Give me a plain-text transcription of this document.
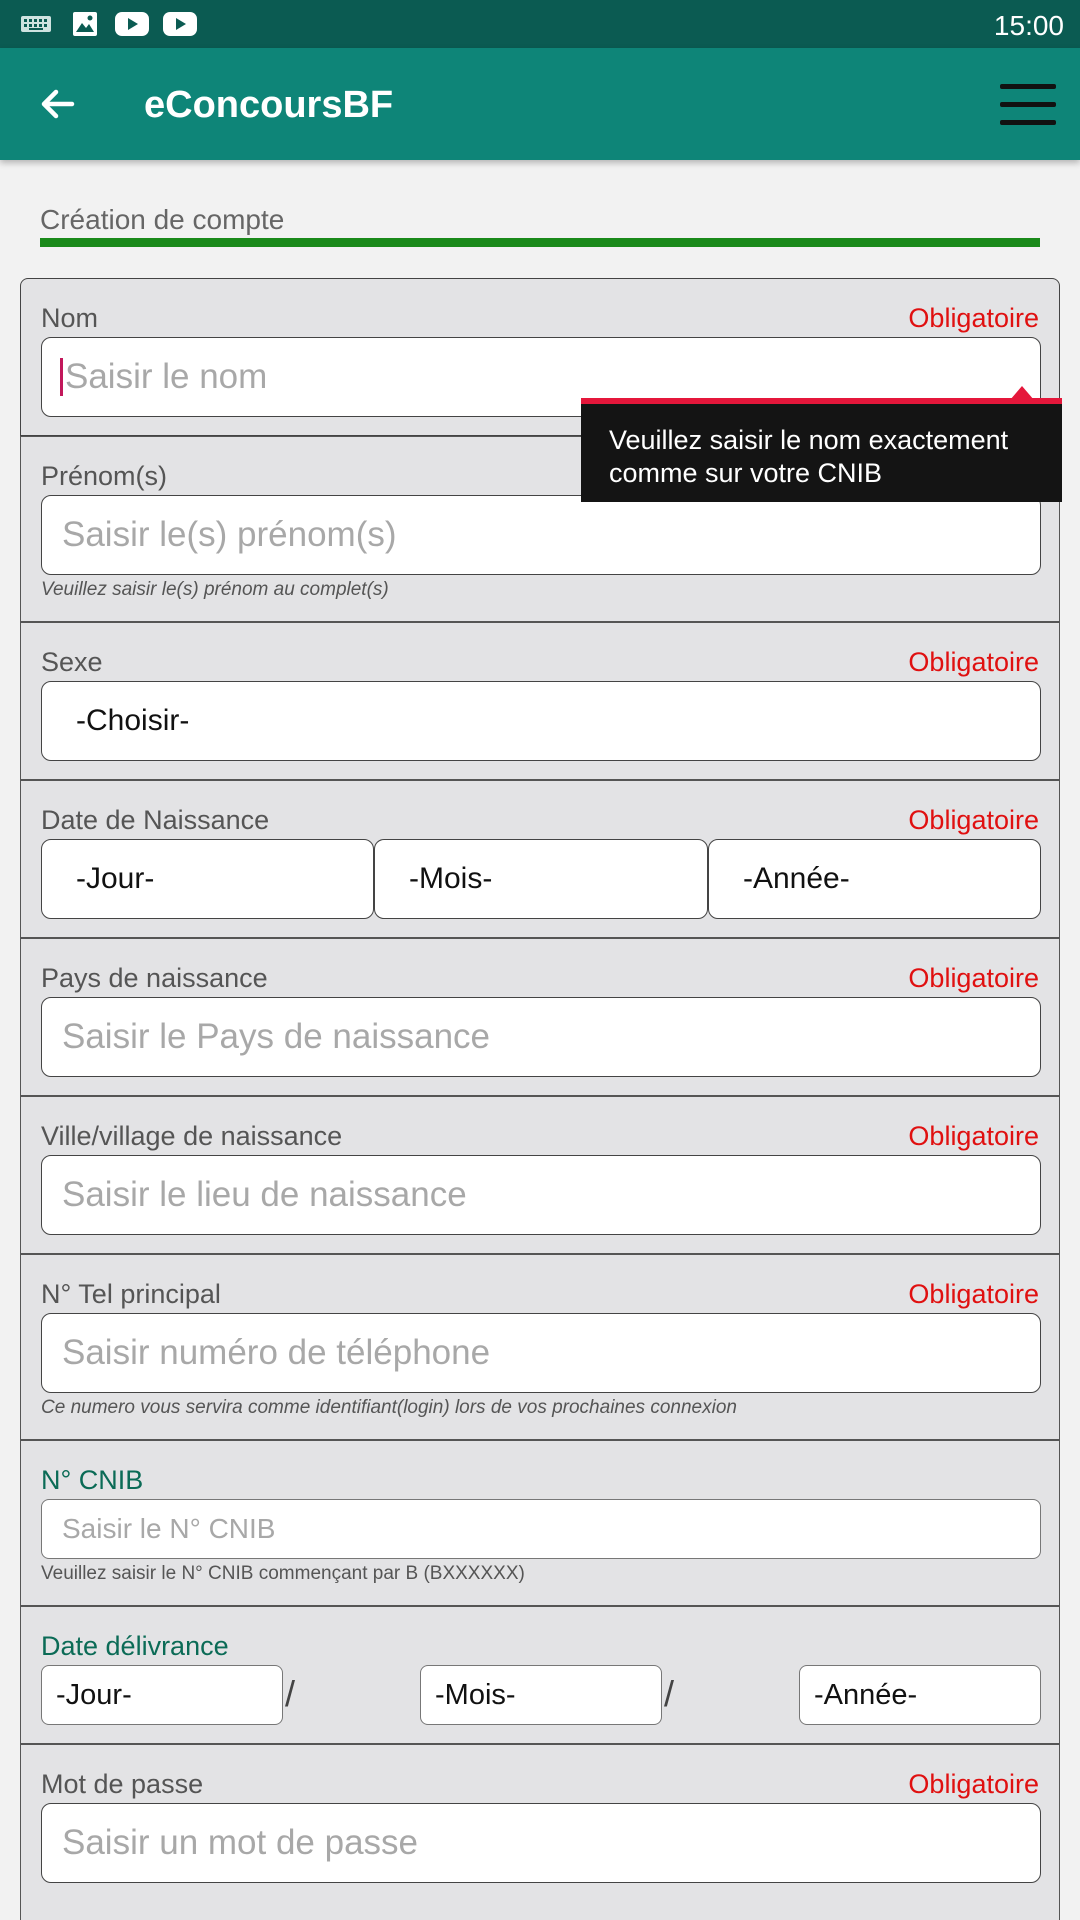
15:00
eConcoursBF
Création de compte
Nom	Obligatoire
Saisir le nom
Prénom(s)
Saisir le(s) prénom(s)
Veuillez saisir le(s) prénom au complet(s)
Sexe	Obligatoire
-Choisir-
Date de Naissance	Obligatoire
-Jour-	-Mois-	-Année-
Pays de naissance	Obligatoire
Saisir le Pays de naissance
Ville/village de naissance	Obligatoire
Saisir le lieu de naissance
N° Tel principal	Obligatoire
Saisir numéro de téléphone
Ce numero vous servira comme identifiant(login) lors de vos prochaines connexion
N° CNIB
Saisir le N° CNIB
Veuillez saisir le N° CNIB commençant par B (BXXXXXX)
Date délivrance
-Jour-	/	-Mois-	/	-Année-
Mot de passe	Obligatoire
Saisir un mot de passe
Veuillez saisir le nom exactement
comme sur votre CNIB
